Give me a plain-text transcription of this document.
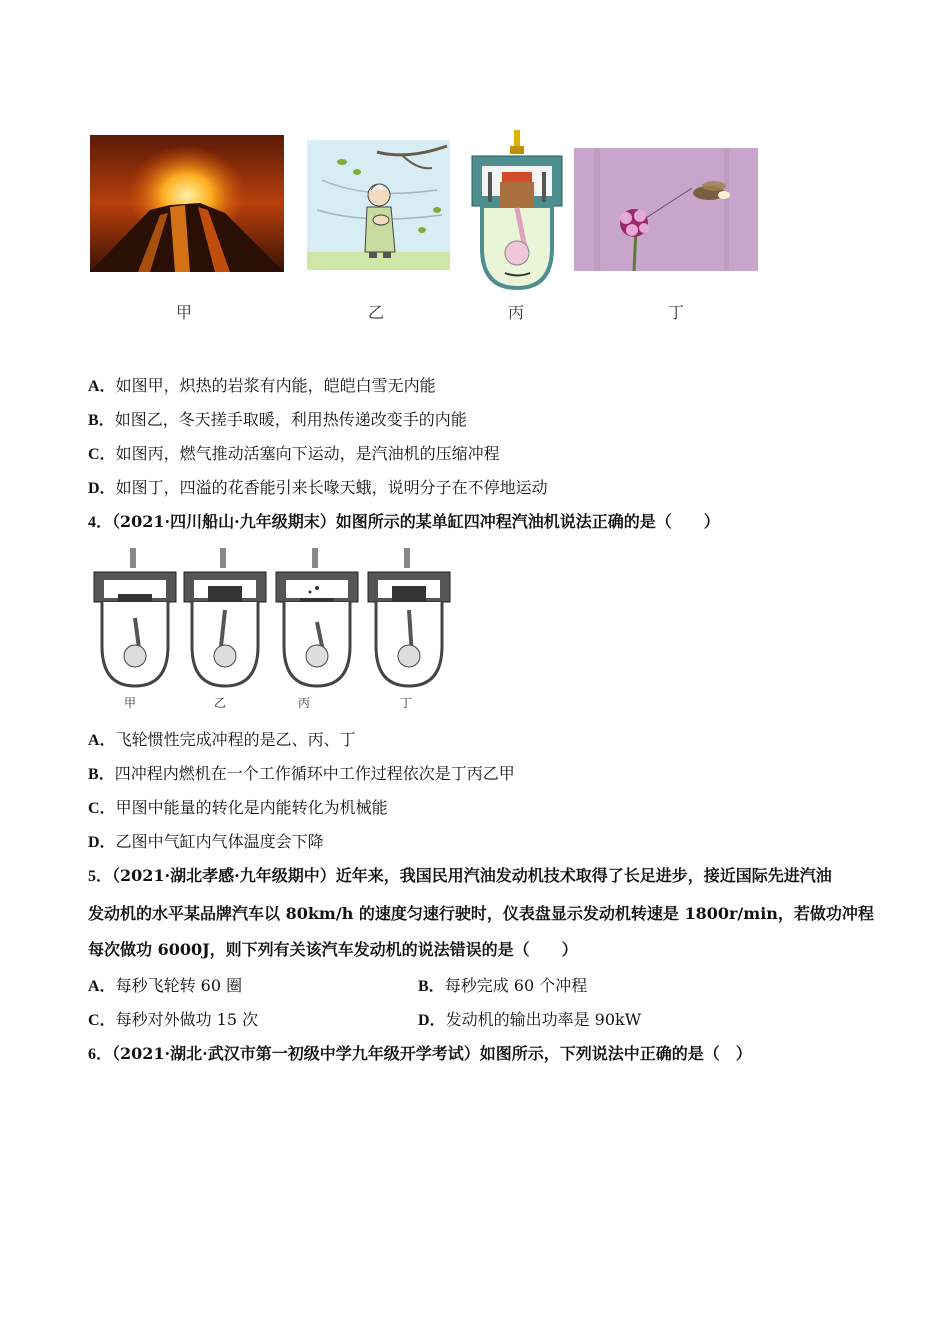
甲	乙	丙	丁
A．如图甲，炽热的岩浆有内能，皑皑白雪无内能
B．如图乙，冬天搓手取暖，利用热传递改变手的内能
C．如图丙，燃气推动活塞向下运动，是汽油机的压缩冲程
D．如图丁，四溢的花香能引来长喙天蛾，说明分子在不停地运动
4．（2021·四川船山·九年级期末）如图所示的某单缸四冲程汽油机说法正确的是（　　）
甲	乙	丙	丁
A．飞轮惯性完成冲程的是乙、丙、丁
B．四冲程内燃机在一个工作循环中工作过程依次是丁丙乙甲
C．甲图中能量的转化是内能转化为机械能
D．乙图中气缸内气体温度会下降
5．（2021·湖北孝感·九年级期中）近年来，我国民用汽油发动机技术取得了长足进步，接近国际先进汽油
发动机的水平某品牌汽车以 80km/h 的速度匀速行驶时，仪表盘显示发动机转速是 1800r/min，若做功冲程
每次做功 6000J，则下列有关该汽车发动机的说法错误的是（　　）
A．每秒飞轮转 60 圈	B．每秒完成 60 个冲程
C．每秒对外做功 15 次	D．发动机的输出功率是 90kW
6．（2021·湖北·武汉市第一初级中学九年级开学考试）如图所示，下列说法中正确的是（　）
